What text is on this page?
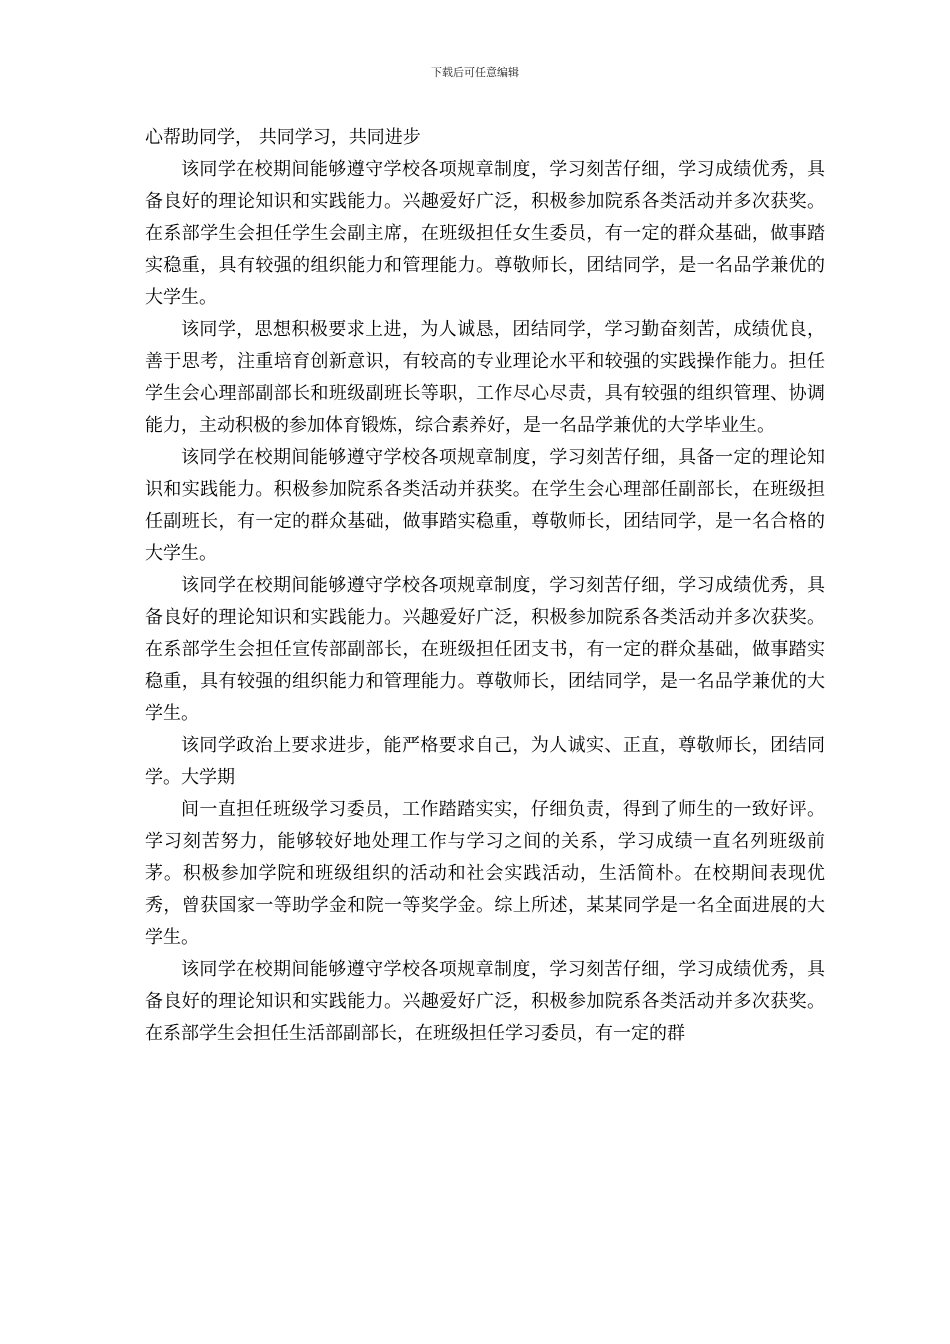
下载后可任意编辑

心帮助同学， 共同学习，共同进步

该同学在校期间能够遵守学校各项规章制度，学习刻苦仔细，学习成绩优秀，具备良好的理论知识和实践能力。兴趣爱好广泛，积极参加院系各类活动并多次获奖。在系部学生会担任学生会副主席，在班级担任女生委员，有一定的群众基础，做事踏实稳重，具有较强的组织能力和管理能力。尊敬师长，团结同学，是一名品学兼优的大学生。

该同学，思想积极要求上进，为人诚恳，团结同学，学习勤奋刻苦，成绩优良，善于思考，注重培育创新意识，有较高的专业理论水平和较强的实践操作能力。担任学生会心理部副部长和班级副班长等职，工作尽心尽责，具有较强的组织管理、协调能力，主动积极的参加体育锻炼，综合素养好，是一名品学兼优的大学毕业生。

该同学在校期间能够遵守学校各项规章制度，学习刻苦仔细，具备一定的理论知识和实践能力。积极参加院系各类活动并获奖。在学生会心理部任副部长，在班级担任副班长，有一定的群众基础，做事踏实稳重，尊敬师长，团结同学，是一名合格的大学生。

该同学在校期间能够遵守学校各项规章制度，学习刻苦仔细，学习成绩优秀，具备良好的理论知识和实践能力。兴趣爱好广泛，积极参加院系各类活动并多次获奖。在系部学生会担任宣传部副部长，在班级担任团支书，有一定的群众基础，做事踏实稳重，具有较强的组织能力和管理能力。尊敬师长，团结同学，是一名品学兼优的大学生。

该同学政治上要求进步，能严格要求自己，为人诚实、正直，尊敬师长，团结同学。大学期

间一直担任班级学习委员，工作踏踏实实，仔细负责，得到了师生的一致好评。学习刻苦努力，能够较好地处理工作与学习之间的关系，学习成绩一直名列班级前茅。积极参加学院和班级组织的活动和社会实践活动，生活简朴。在校期间表现优秀，曾获国家一等助学金和院一等奖学金。综上所述，某某同学是一名全面进展的大学生。

该同学在校期间能够遵守学校各项规章制度，学习刻苦仔细，学习成绩优秀，具备良好的理论知识和实践能力。兴趣爱好广泛，积极参加院系各类活动并多次获奖。在系部学生会担任生活部副部长，在班级担任学习委员，有一定的群
